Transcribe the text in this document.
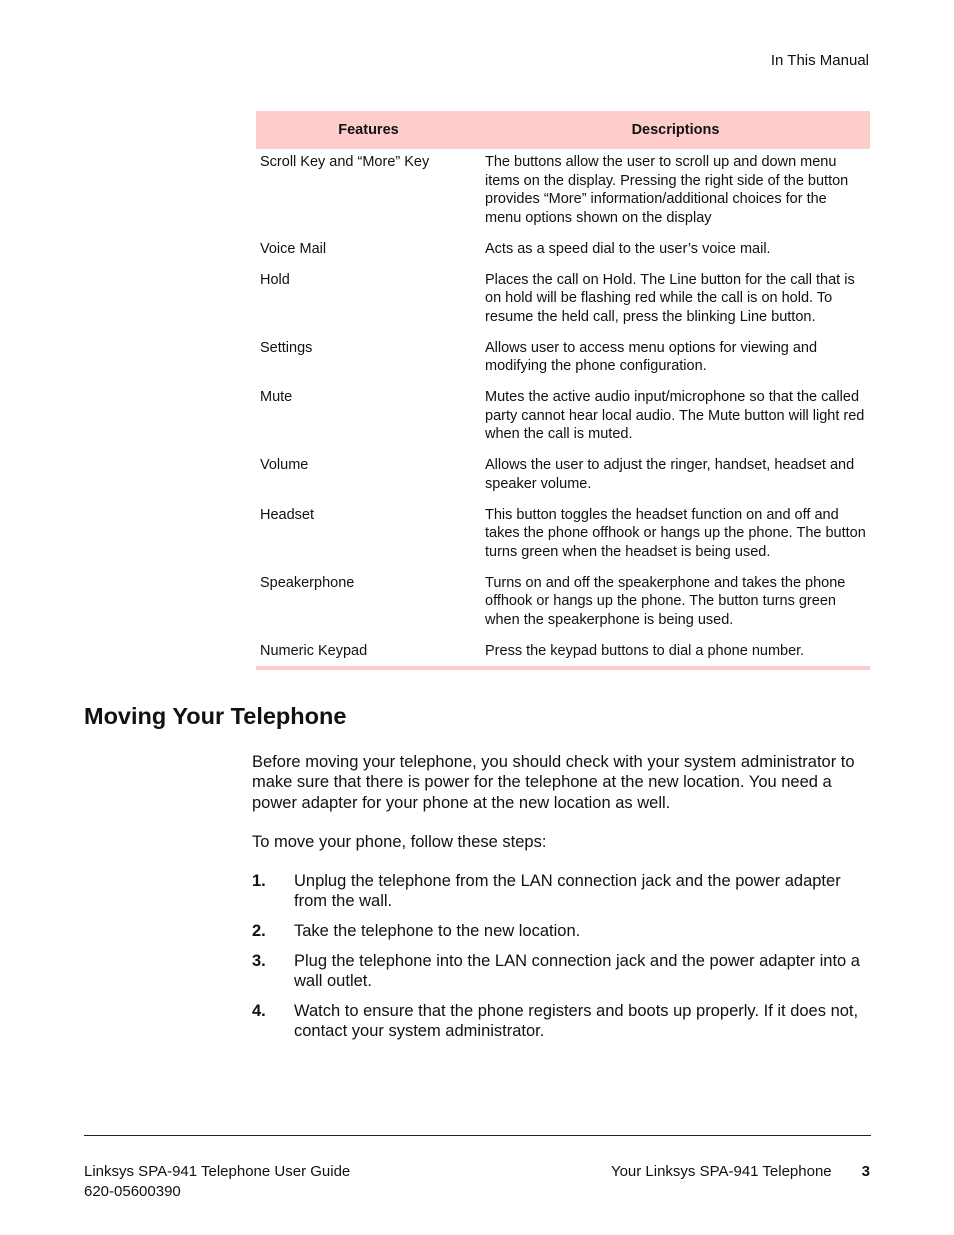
In This Manual
Features	Descriptions
Scroll Key and “More” Key	The buttons allow the user to scroll up and down menu items on the display. Pressing the right side of the button provides “More” information/additional choices for the menu options shown on the display
Voice Mail	Acts as a speed dial to the user’s voice mail.
Hold	Places the call on Hold. The Line button for the call that is on hold will be flashing red while the call is on hold. To resume the held call, press the blinking Line button.
Settings	Allows user to access menu options for viewing and modifying the phone configuration.
Mute	Mutes the active audio input/microphone so that the called party cannot hear local audio. The Mute button will light red when the call is muted.
Volume	Allows the user to adjust the ringer, handset, headset and speaker volume.
Headset	This button toggles the headset function on and off and takes the phone offhook or hangs up the phone. The button turns green when the headset is being used.
Speakerphone	Turns on and off the speakerphone and takes the phone offhook or hangs up the phone. The button turns green when the speakerphone is being used.
Numeric Keypad	Press the keypad buttons to dial a phone number.
Moving Your Telephone

Before moving your telephone, you should check with your system administrator to make sure that there is power for the telephone at the new location. You need a power adapter for your phone at the new location as well.

To move your phone, follow these steps:

1.	Unplug the telephone from the LAN connection jack and the power adapter from the wall.
2.	Take the telephone to the new location.
3.	Plug the telephone into the LAN connection jack and the power adapter into a wall outlet.
4.	Watch to ensure that the phone registers and boots up properly. If it does not, contact your system administrator.
Linksys SPA-941 Telephone User Guide
620-05600390
Your Linksys SPA-941 Telephone 3
